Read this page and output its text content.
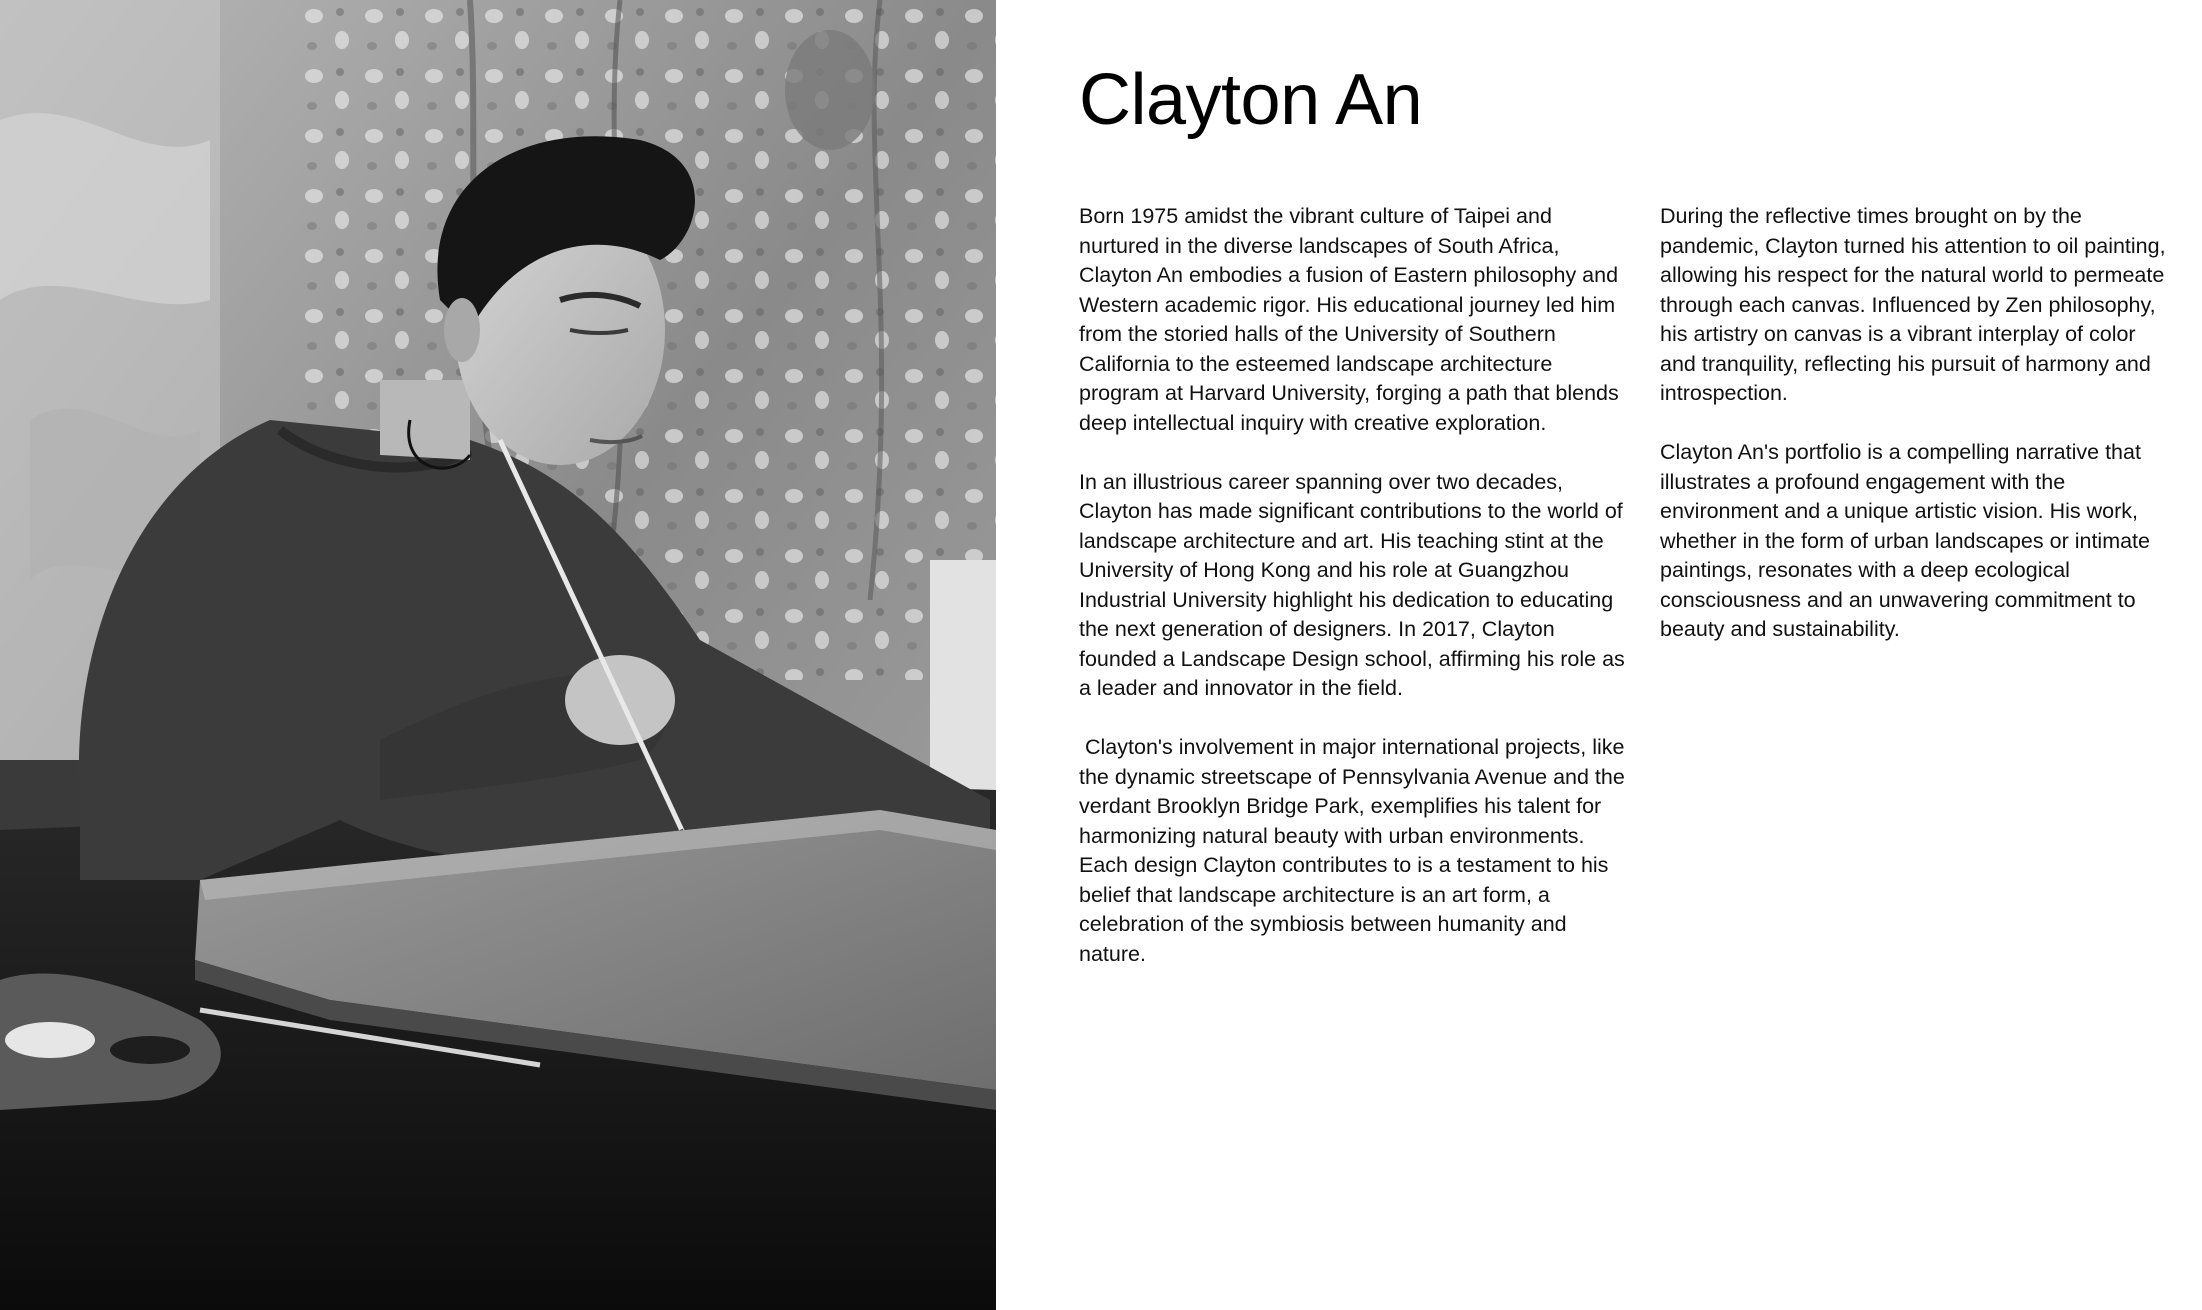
Clayton An

Born 1975 amidst the vibrant culture of Taipei and nurtured in the diverse landscapes of South Africa, Clayton An embodies a fusion of Eastern philosophy and Western academic rigor. His educational journey led him from the storied halls of the University of Southern California to the esteemed landscape architecture program at Harvard University, forging a path that blends deep intellectual inquiry with creative exploration.

In an illustrious career spanning over two decades, Clayton has made significant contributions to the world of landscape architecture and art. His teaching stint at the University of Hong Kong and his role at Guangzhou Industrial University highlight his dedication to educating the next generation of designers. In 2017, Clayton founded a Landscape Design school, affirming his role as a leader and innovator in the field.

Clayton's involvement in major international projects, like the dynamic streetscape of Pennsylvania Avenue and the verdant Brooklyn Bridge Park, exemplifies his talent for harmonizing natural beauty with urban environments. Each design Clayton contributes to is a testament to his belief that landscape architecture is an art form, a celebration of the symbiosis between humanity and nature.

During the reflective times brought on by the pandemic, Clayton turned his attention to oil painting, allowing his respect for the natural world to permeate through each canvas. Influenced by Zen philosophy, his artistry on canvas is a vibrant interplay of color and tranquility, reflecting his pursuit of harmony and introspection.

Clayton An's portfolio is a compelling narrative that illustrates a profound engagement with the environment and a unique artistic vision. His work, whether in the form of urban landscapes or intimate paintings, resonates with a deep ecological consciousness and an unwavering commitment to beauty and sustainability.
